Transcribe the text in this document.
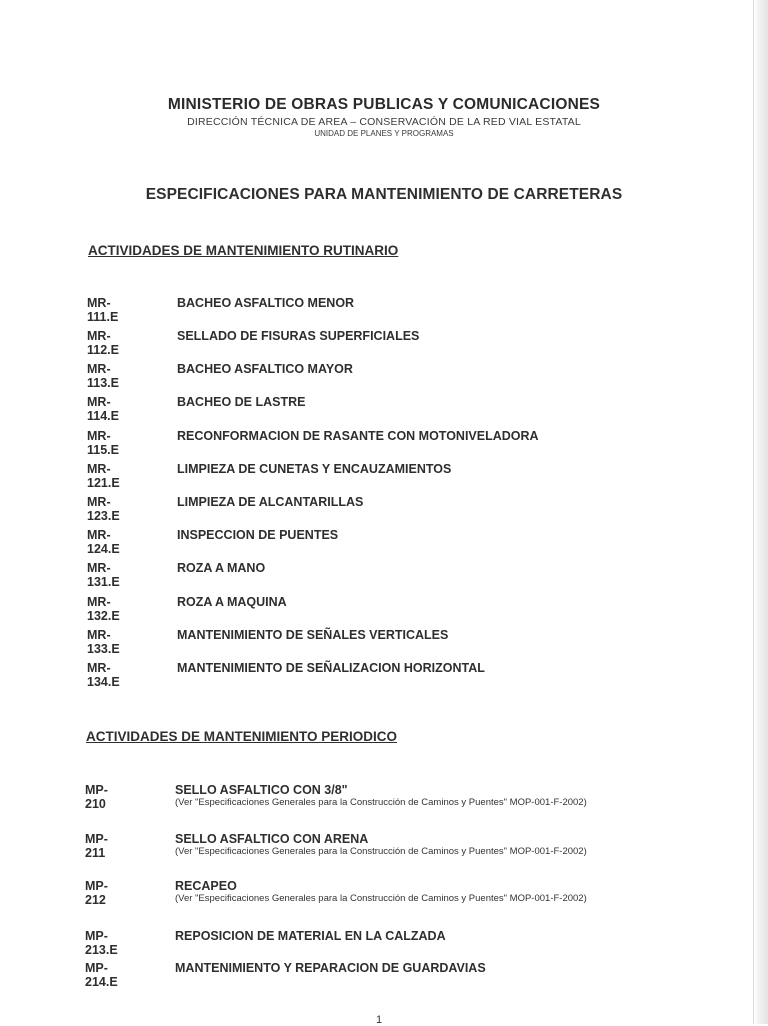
MINISTERIO DE OBRAS PUBLICAS Y COMUNICACIONES
DIRECCIÓN TÉCNICA DE AREA – CONSERVACIÓN DE LA RED VIAL ESTATAL
UNIDAD DE PLANES Y PROGRAMAS
ESPECIFICACIONES PARA MANTENIMIENTO DE CARRETERAS
ACTIVIDADES DE MANTENIMIENTO RUTINARIO
MR-111.E
BACHEO ASFALTICO MENOR
MR-112.E
SELLADO DE FISURAS SUPERFICIALES
MR-113.E
BACHEO ASFALTICO MAYOR
MR-114.E
BACHEO DE LASTRE
MR-115.E
RECONFORMACION DE RASANTE CON MOTONIVELADORA
MR-121.E
LIMPIEZA DE CUNETAS Y ENCAUZAMIENTOS
MR-123.E
LIMPIEZA DE ALCANTARILLAS
MR-124.E
INSPECCION DE PUENTES
MR-131.E
ROZA A MANO
MR-132.E
ROZA A MAQUINA
MR-133.E
MANTENIMIENTO DE SEÑALES VERTICALES
MR-134.E
MANTENIMIENTO DE SEÑALIZACION HORIZONTAL
ACTIVIDADES DE MANTENIMIENTO PERIODICO
MP-210
SELLO ASFALTICO CON 3/8"
(Ver "Especificaciones Generales para la Construcción de Caminos y Puentes" MOP-001-F-2002)
MP-211
SELLO ASFALTICO CON ARENA
(Ver "Especificaciones Generales para la Construcción de Caminos y Puentes" MOP-001-F-2002)
MP-212
RECAPEO
(Ver "Especificaciones Generales para la Construcción de Caminos y Puentes" MOP-001-F-2002)
MP-213.E
REPOSICION DE MATERIAL EN LA CALZADA
MP-214.E
MANTENIMIENTO Y REPARACION DE GUARDAVIAS
1
